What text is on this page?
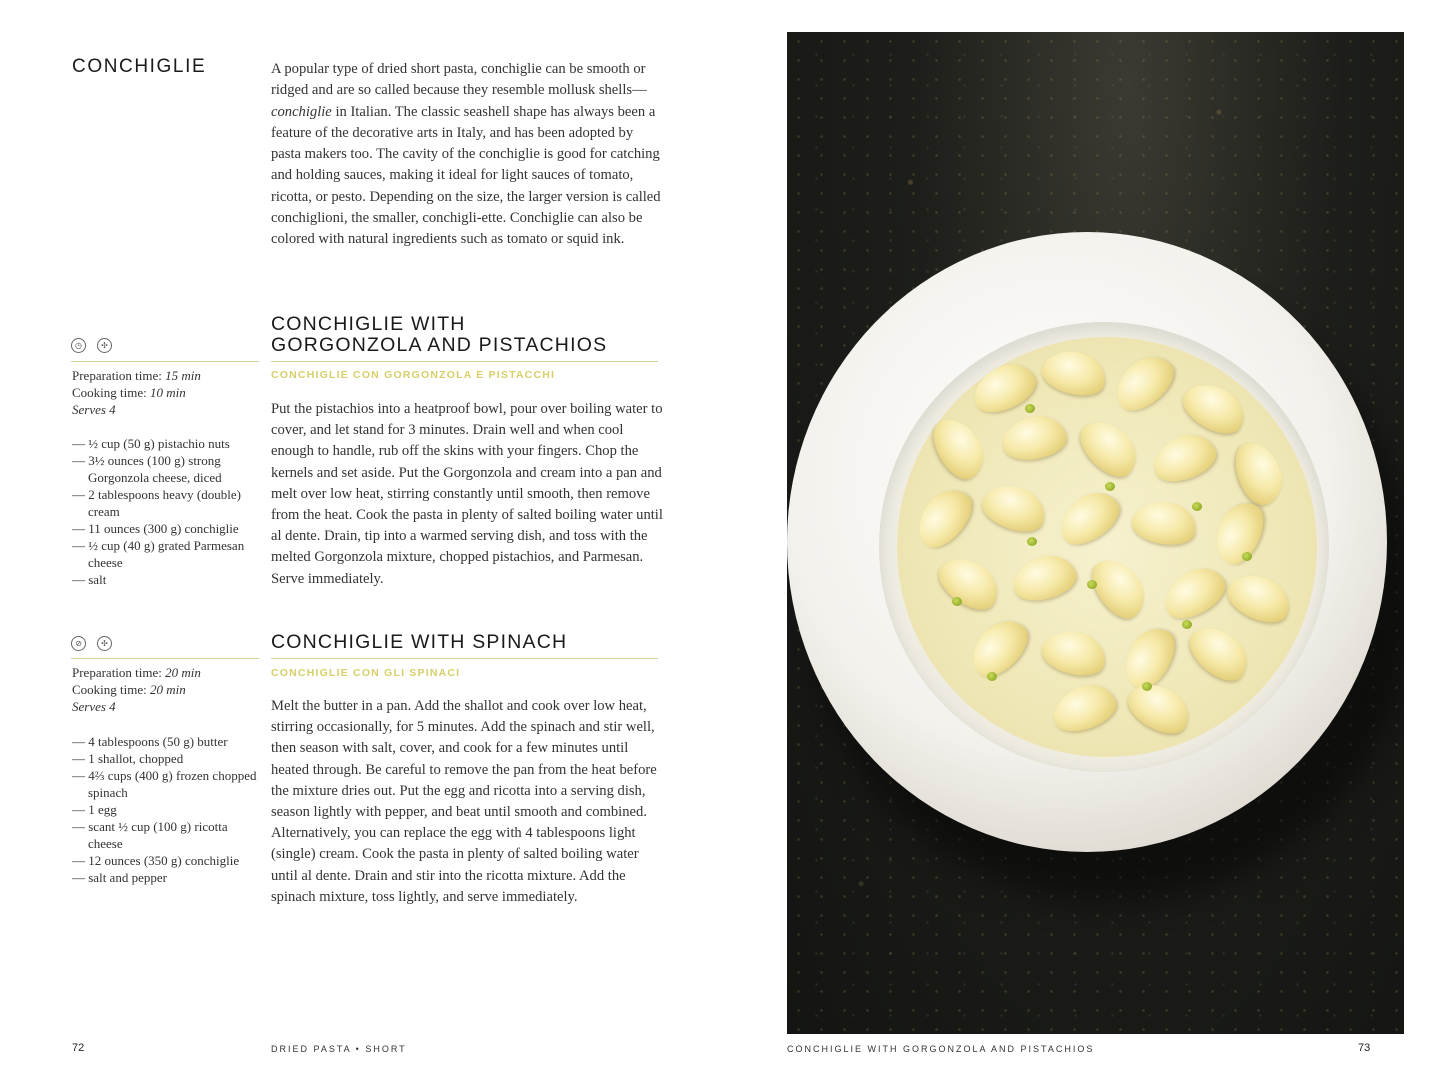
CONCHIGLIE	A popular type of dried short pasta, conchiglie can be smooth or ridged and are so called because they resemble mollusk shells—conchiglie in Italian. The classic seashell shape has always been a feature of the decorative arts in Italy, and has been adopted by pasta makers too. The cavity of the conchiglie is good for catching and holding sauces, making it ideal for light sauces of tomato, ricotta, or pesto. Depending on the size, the larger version is called conchiglioni, the smaller, conchigli-ette. Conchiglie can also be colored with natural ingredients such as tomato or squid ink.

◷	✣
CONCHIGLIE WITH
GORGONZOLA AND PISTACHIOS
CONCHIGLIE CON GORGONZOLA E PISTACCHI
Preparation time: 15 min
Cooking time: 10 min
Serves 4
— ½ cup (50 g) pistachio nuts
— 3½ ounces (100 g) strong Gorgonzola cheese, diced
— 2 tablespoons heavy (double) cream
— 11 ounces (300 g) conchiglie
— ½ cup (40 g) grated Parmesan cheese
— salt

Put the pistachios into a heatproof bowl, pour over boiling water to cover, and let stand for 3 minutes. Drain well and when cool enough to handle, rub off the skins with your fingers. Chop the kernels and set aside. Put the Gorgonzola and cream into a pan and melt over low heat, stirring constantly until smooth, then remove from the heat. Cook the pasta in plenty of salted boiling water until al dente. Drain, tip into a warmed serving dish, and toss with the melted Gorgonzola mixture, chopped pistachios, and Parmesan. Serve immediately.

⊘	✣	CONCHIGLIE WITH SPINACH
CONCHIGLIE CON GLI SPINACI
Preparation time: 20 min
Cooking time: 20 min
Serves 4
— 4 tablespoons (50 g) butter
— 1 shallot, chopped
— 4⅔ cups (400 g) frozen chopped spinach
— 1 egg
— scant ½ cup (100 g) ricotta cheese
— 12 ounces (350 g) conchiglie
— salt and pepper

Melt the butter in a pan. Add the shallot and cook over low heat, stirring occasionally, for 5 minutes. Add the spinach and stir well, then season with salt, cover, and cook for a few minutes until heated through. Be careful to remove the pan from the heat before the mixture dries out. Put the egg and ricotta into a serving dish, season lightly with pepper, and beat until smooth and combined. Alternatively, you can replace the egg with 4 tablespoons light (single) cream. Cook the pasta in plenty of salted boiling water until al dente. Drain and stir into the ricotta mixture. Add the spinach mixture, toss lightly, and serve immediately.

72	DRIED PASTA • SHORT	CONCHIGLIE WITH GORGONZOLA AND PISTACHIOS	73
